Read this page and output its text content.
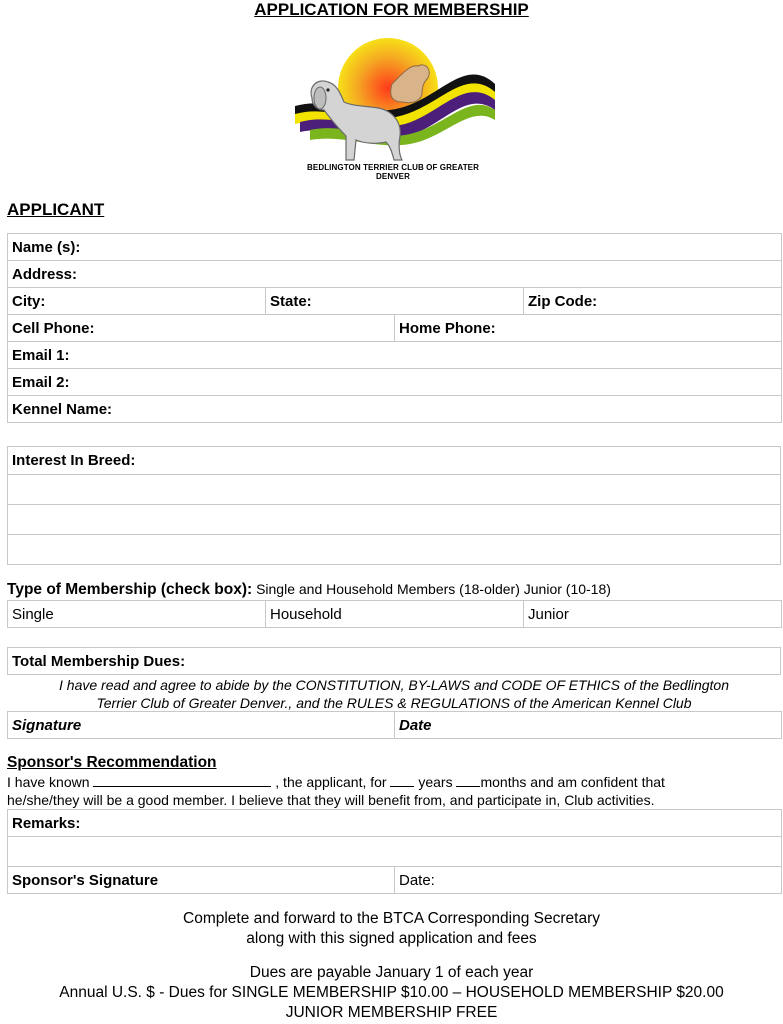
APPLICATION FOR MEMBERSHIP
BEDLINGTON TERRIER CLUB OF GREATER DENVER
APPLICANT
Name (s):			
Address:			
City:	State:		Zip Code:
Cell Phone:		Home Phone:	
Email 1:			
Email 2:			
Kennel Name:			
Interest In Breed:

Type of Membership (check box): Single and Household Members (18-older) Junior (10-18)
Single	Household	Junior
Total Membership Dues:
I have read and agree to abide by the CONSTITUTION, BY-LAWS and CODE OF ETHICS of the Bedlington
Terrier Club of Greater Denver., and the RULES & REGULATIONS of the American Kennel Club
Signature	Date
Sponsor's Recommendation
I have known	, the applicant, for years months and am confident that
he/she/they will be a good member. I believe that they will benefit from, and participate in, Club activities.
Remarks:

Sponsor's Signature	Date:
Complete and forward to the BTCA Corresponding Secretary
along with this signed application and fees
Dues are payable January 1 of each year
Annual U.S. $ - Dues for SINGLE MEMBERSHIP $10.00 – HOUSEHOLD MEMBERSHIP $20.00
JUNIOR MEMBERSHIP FREE
